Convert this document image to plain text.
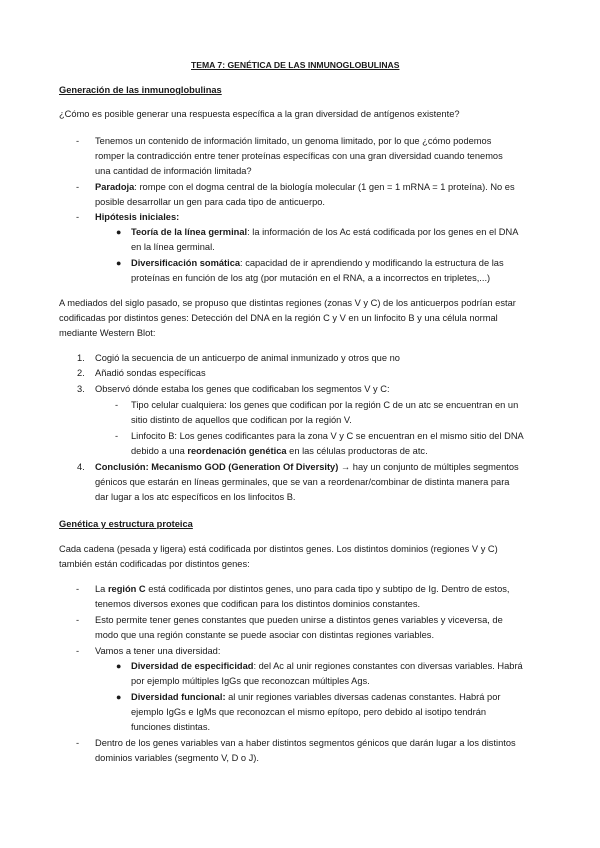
TEMA 7: GENÉTICA DE LAS INMUNOGLOBULINAS
Generación de las inmunoglobulinas
¿Cómo es posible generar una respuesta específica a la gran diversidad de antígenos existente?
- Tenemos un contenido de información limitado, un genoma limitado, por lo que ¿cómo podemos
romper la contradicción entre tener proteínas específicas con una gran diversidad cuando tenemos
una cantidad de información limitada?
- Paradoja: rompe con el dogma central de la biología molecular (1 gen = 1 mRNA = 1 proteína). No es
posible desarrollar un gen para cada tipo de anticuerpo.
- Hipótesis iniciales:
● Teoría de la línea germinal: la información de los Ac está codificada por los genes en el DNA
en la línea germinal.
● Diversificación somática: capacidad de ir aprendiendo y modificando la estructura de las
proteínas en función de los atg (por mutación en el RNA, a a incorrectos en tripletes,...)
A mediados del siglo pasado, se propuso que distintas regiones (zonas V y C) de los anticuerpos podrían estar
codificadas por distintos genes: Detección del DNA en la región C y V en un linfocito B y una célula normal
mediante Western Blot:
1. Cogió la secuencia de un anticuerpo de animal inmunizado y otros que no
2. Añadió sondas específicas
3. Observó dónde estaba los genes que codificaban los segmentos V y C:
- Tipo celular cualquiera: los genes que codifican por la región C de un atc se encuentran en un
sitio distinto de aquellos que codifican por la región V.
- Linfocito B: Los genes codificantes para la zona V y C se encuentran en el mismo sitio del DNA
debido a una reordenación genética en las células productoras de atc.
4. Conclusión: Mecanismo GOD (Generation Of Diversity) → hay un conjunto de múltiples segmentos
génicos que estarán en líneas germinales, que se van a reordenar/combinar de distinta manera para
dar lugar a los atc específicos en los linfocitos B.
Genética y estructura proteica
Cada cadena (pesada y ligera) está codificada por distintos genes. Los distintos dominios (regiones V y C)
también están codificadas por distintos genes:
- La región C está codificada por distintos genes, uno para cada tipo y subtipo de Ig. Dentro de estos,
tenemos diversos exones que codifican para los distintos dominios constantes.
- Esto permite tener genes constantes que pueden unirse a distintos genes variables y viceversa, de
modo que una región constante se puede asociar con distintas regiones variables.
- Vamos a tener una diversidad:
● Diversidad de especificidad: del Ac al unir regiones constantes con diversas variables. Habrá
por ejemplo múltiples IgGs que reconozcan múltiples Ags.
● Diversidad funcional: al unir regiones variables diversas cadenas constantes. Habrá por
ejemplo IgGs e IgMs que reconozcan el mismo epítopo, pero debido al isotipo tendrán
funciones distintas.
- Dentro de los genes variables van a haber distintos segmentos génicos que darán lugar a los distintos
dominios variables (segmento V, D o J).
